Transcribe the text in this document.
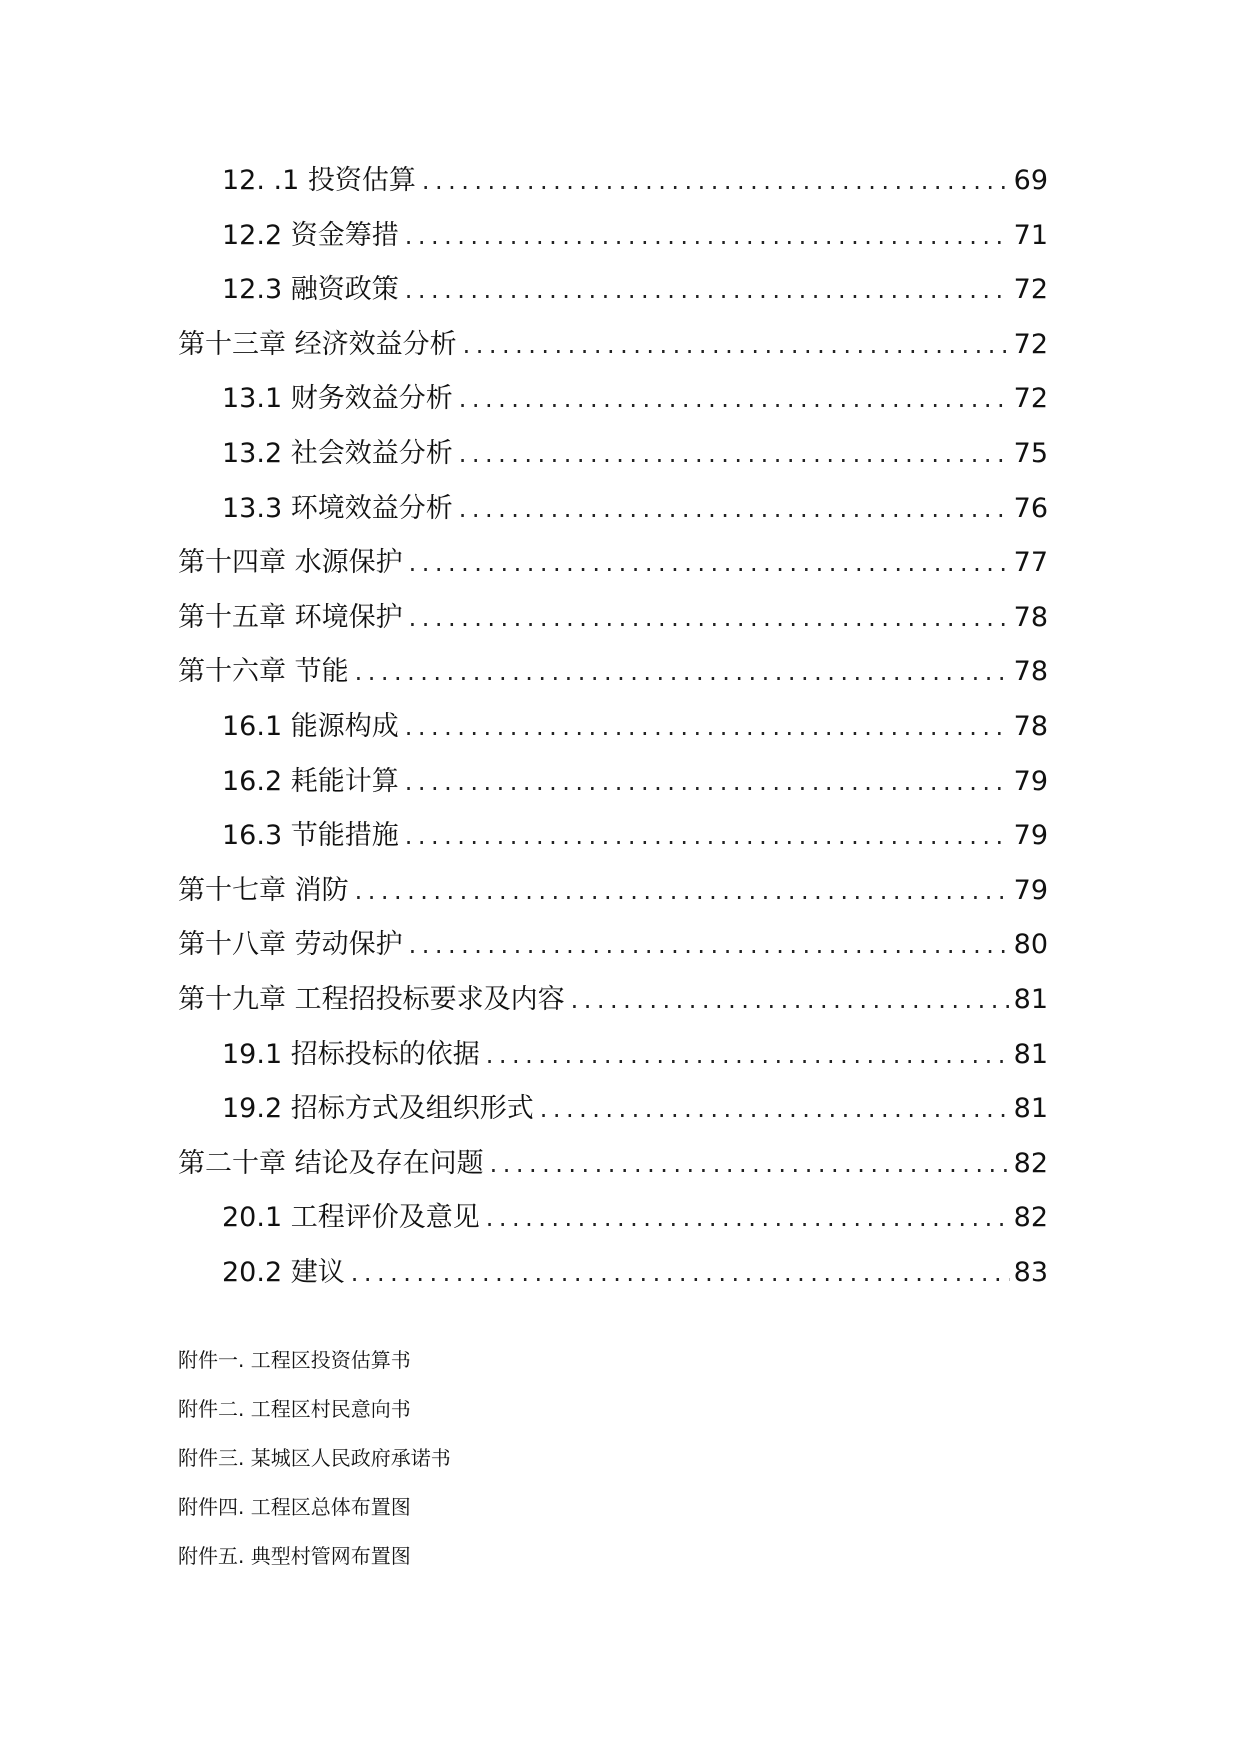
12. .1 投资估算 .....	69
12.2 资金筹措 .....	71
12.3 融资政策 .....	72
第十三章 经济效益分析 .....	72
13.1 财务效益分析 .....	72
13.2 社会效益分析 .....	75
13.3 环境效益分析 .....	76
第十四章 水源保护 .....	77
第十五章 环境保护 .....	78
第十六章 节能 .....	78
16.1 能源构成 .....	78
16.2 耗能计算 .....	79
16.3 节能措施 .....	79
第十七章 消防 .....	79
第十八章 劳动保护 .....	80
第十九章 工程招投标要求及内容 .....	81
19.1 招标投标的依据 .....	81
19.2 招标方式及组织形式 .....	81
第二十章 结论及存在问题 .....	82
20.1 工程评价及意见 .....	82
20.2 建议 .....	83
附件一. 工程区投资估算书
附件二. 工程区村民意向书
附件三. 某城区人民政府承诺书
附件四. 工程区总体布置图
附件五. 典型村管网布置图
